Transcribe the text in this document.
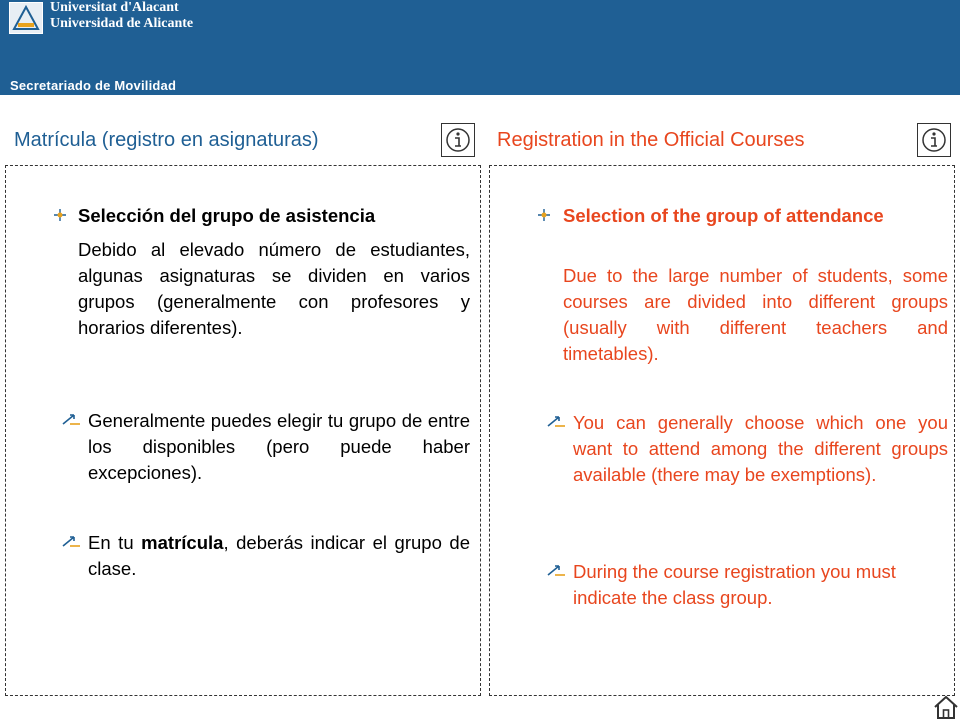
Universitat d'Alacant
Universidad de Alicante
Secretariado de Movilidad
Matrícula (registro en asignaturas)	Registration in the Official Courses
Selección del grupo de asistencia
Debido al elevado número de estudiantes, algunas asignaturas se dividen en varios grupos (generalmente con profesores y horarios diferentes).
Generalmente puedes elegir tu grupo de entre los disponibles (pero puede haber excepciones).
En tu matrícula, deberás indicar el grupo de clase.
Selection of the group of attendance
Due to the large number of students, some courses are divided into different groups (usually with different teachers and timetables).
You can generally choose which one you want to attend among the different groups available (there may be exemptions).
During the course registration you must indicate the class group.
